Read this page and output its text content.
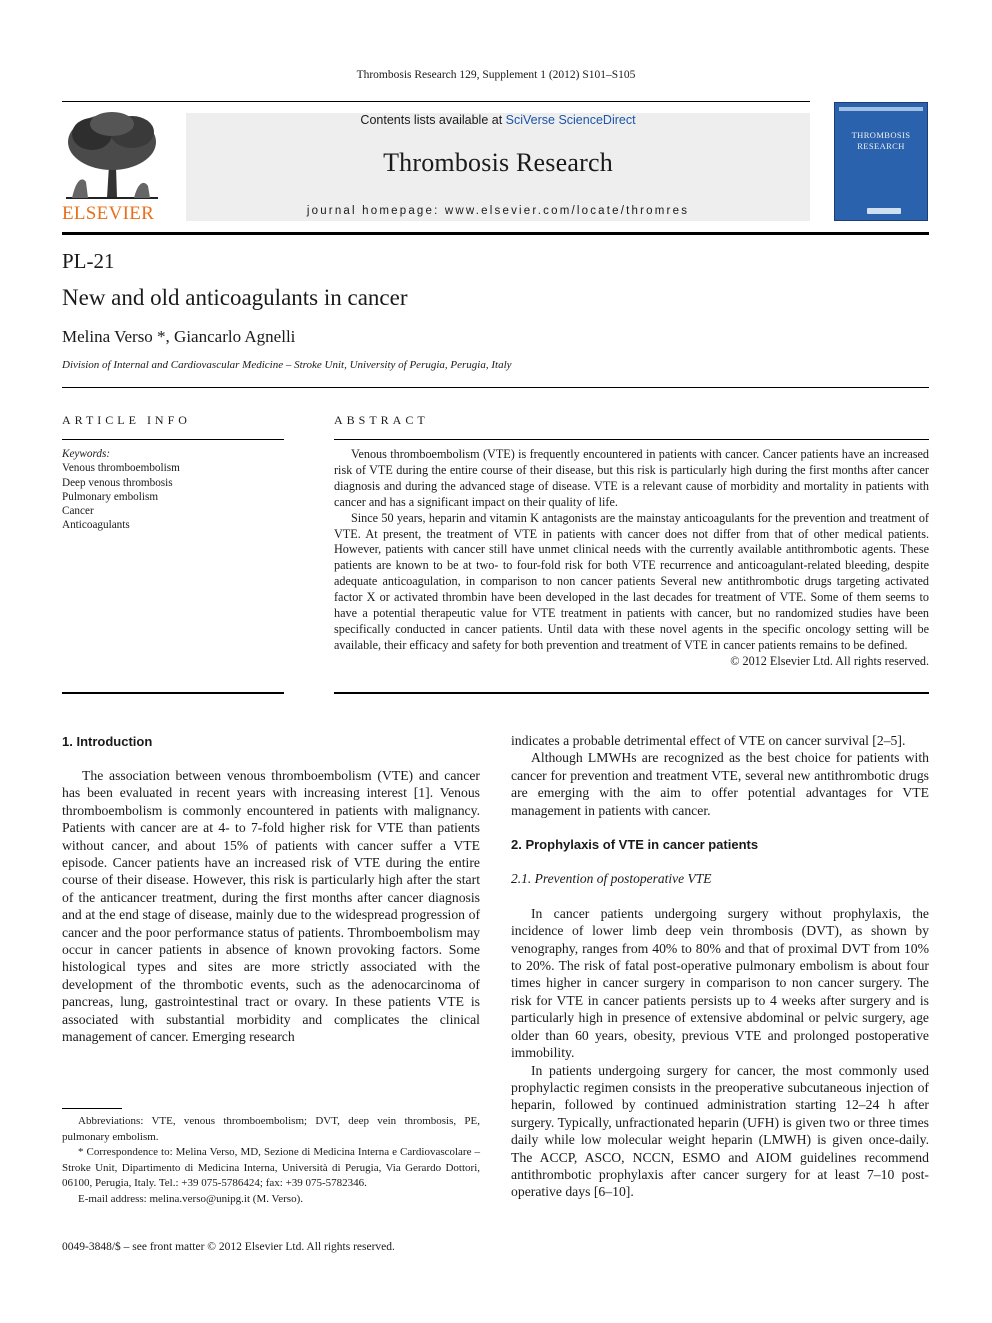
Thrombosis Research 129, Supplement 1 (2012) S101–S105
ELSEVIER
Contents lists available at SciVerse ScienceDirect
Thrombosis Research
journal homepage: www.elsevier.com/locate/thromres
THROMBOSIS RESEARCH
PL-21
New and old anticoagulants in cancer
Melina Verso *, Giancarlo Agnelli
Division of Internal and Cardiovascular Medicine – Stroke Unit, University of Perugia, Perugia, Italy
ARTICLE INFO
Keywords:
Venous thromboembolism
Deep venous thrombosis
Pulmonary embolism
Cancer
Anticoagulants
ABSTRACT

Venous thromboembolism (VTE) is frequently encountered in patients with cancer. Cancer patients have an increased risk of VTE during the entire course of their disease, but this risk is particularly high during the first months after cancer diagnosis and during the advanced stage of disease. VTE is a relevant cause of morbidity and mortality in patients with cancer and has a significant impact on their quality of life.

Since 50 years, heparin and vitamin K antagonists are the mainstay anticoagulants for the prevention and treatment of VTE. At present, the treatment of VTE in patients with cancer does not differ from that of other medical patients. However, patients with cancer still have unmet clinical needs with the currently available antithrombotic agents. These patients are known to be at two- to four-fold risk for both VTE recurrence and anticoagulant-related bleeding, despite adequate anticoagulation, in comparison to non cancer patients Several new antithrombotic drugs targeting activated factor X or activated thrombin have been developed in the last decades for treatment of VTE. Some of them seems to have a potential therapeutic value for VTE treatment in patients with cancer, but no randomized studies have been specifically conducted in cancer patients. Until data with these novel agents in the specific oncology setting will be available, their efficacy and safety for both prevention and treatment of VTE in cancer patients remains to be defined.

© 2012 Elsevier Ltd. All rights reserved.
1. Introduction

The association between venous thromboembolism (VTE) and cancer has been evaluated in recent years with increasing interest [1]. Venous thromboembolism is commonly encountered in patients with malignancy. Patients with cancer are at 4- to 7-fold higher risk for VTE than patients without cancer, and about 15% of patients with cancer suffer a VTE episode. Cancer patients have an increased risk of VTE during the entire course of their disease. However, this risk is particularly high after the start of the anticancer treatment, during the first months after cancer diagnosis and at the end stage of disease, mainly due to the widespread progression of cancer and the poor performance status of patients. Thromboembolism may occur in cancer patients in absence of known provoking factors. Some histological types and sites are more strictly associated with the development of the thrombotic events, such as the adenocarcinoma of pancreas, lung, gastrointestinal tract or ovary. In these patients VTE is associated with substantial morbidity and complicates the clinical management of cancer. Emerging research

Abbreviations: VTE, venous thromboembolism; DVT, deep vein thrombosis, PE, pulmonary embolism.

* Correspondence to: Melina Verso, MD, Sezione di Medicina Interna e Cardiovascolare – Stroke Unit, Dipartimento di Medicina Interna, Università di Perugia, Via Gerardo Dottori, 06100, Perugia, Italy. Tel.: +39 075-5786424; fax: +39 075-5782346.

E-mail address: melina.verso@unipg.it (M. Verso).

indicates a probable detrimental effect of VTE on cancer survival [2–5].

Although LMWHs are recognized as the best choice for patients with cancer for prevention and treatment VTE, several new antithrombotic drugs are emerging with the aim to offer potential advantages for VTE management in patients with cancer.

2. Prophylaxis of VTE in cancer patients
2.1. Prevention of postoperative VTE

In cancer patients undergoing surgery without prophylaxis, the incidence of lower limb deep vein thrombosis (DVT), as shown by venography, ranges from 40% to 80% and that of proximal DVT from 10% to 20%. The risk of fatal post-operative pulmonary embolism is about four times higher in cancer surgery in comparison to non cancer surgery. The risk for VTE in cancer patients persists up to 4 weeks after surgery and is particularly high in presence of extensive abdominal or pelvic surgery, age older than 60 years, obesity, previous VTE and prolonged postoperative immobility.

In patients undergoing surgery for cancer, the most commonly used prophylactic regimen consists in the preoperative subcutaneous injection of heparin, followed by continued administration starting 12–24 h after surgery. Typically, unfractionated heparin (UFH) is given two or three times daily while low molecular weight heparin (LMWH) is given once-daily. The ACCP, ASCO, NCCN, ESMO and AIOM guidelines recommend antithrombotic prophylaxis after cancer surgery for at least 7–10 post-operative days [6–10].

0049-3848/$ – see front matter © 2012 Elsevier Ltd. All rights reserved.
